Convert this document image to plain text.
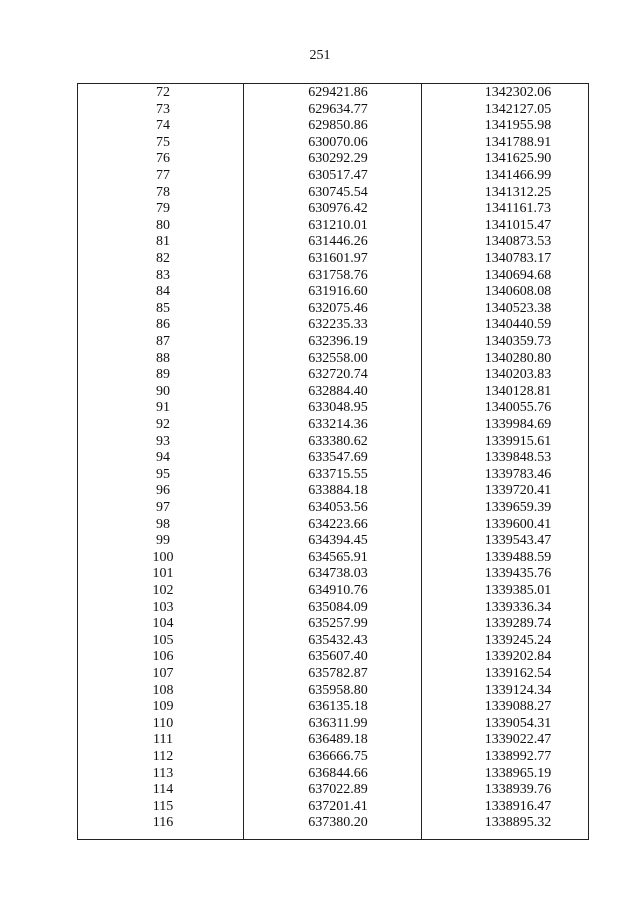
251
72	629421.86	1342302.06
73	629634.77	1342127.05
74	629850.86	1341955.98
75	630070.06	1341788.91
76	630292.29	1341625.90
77	630517.47	1341466.99
78	630745.54	1341312.25
79	630976.42	1341161.73
80	631210.01	1341015.47
81	631446.26	1340873.53
82	631601.97	1340783.17
83	631758.76	1340694.68
84	631916.60	1340608.08
85	632075.46	1340523.38
86	632235.33	1340440.59
87	632396.19	1340359.73
88	632558.00	1340280.80
89	632720.74	1340203.83
90	632884.40	1340128.81
91	633048.95	1340055.76
92	633214.36	1339984.69
93	633380.62	1339915.61
94	633547.69	1339848.53
95	633715.55	1339783.46
96	633884.18	1339720.41
97	634053.56	1339659.39
98	634223.66	1339600.41
99	634394.45	1339543.47
100	634565.91	1339488.59
101	634738.03	1339435.76
102	634910.76	1339385.01
103	635084.09	1339336.34
104	635257.99	1339289.74
105	635432.43	1339245.24
106	635607.40	1339202.84
107	635782.87	1339162.54
108	635958.80	1339124.34
109	636135.18	1339088.27
110	636311.99	1339054.31
111	636489.18	1339022.47
112	636666.75	1338992.77
113	636844.66	1338965.19
114	637022.89	1338939.76
115	637201.41	1338916.47
116	637380.20	1338895.32
